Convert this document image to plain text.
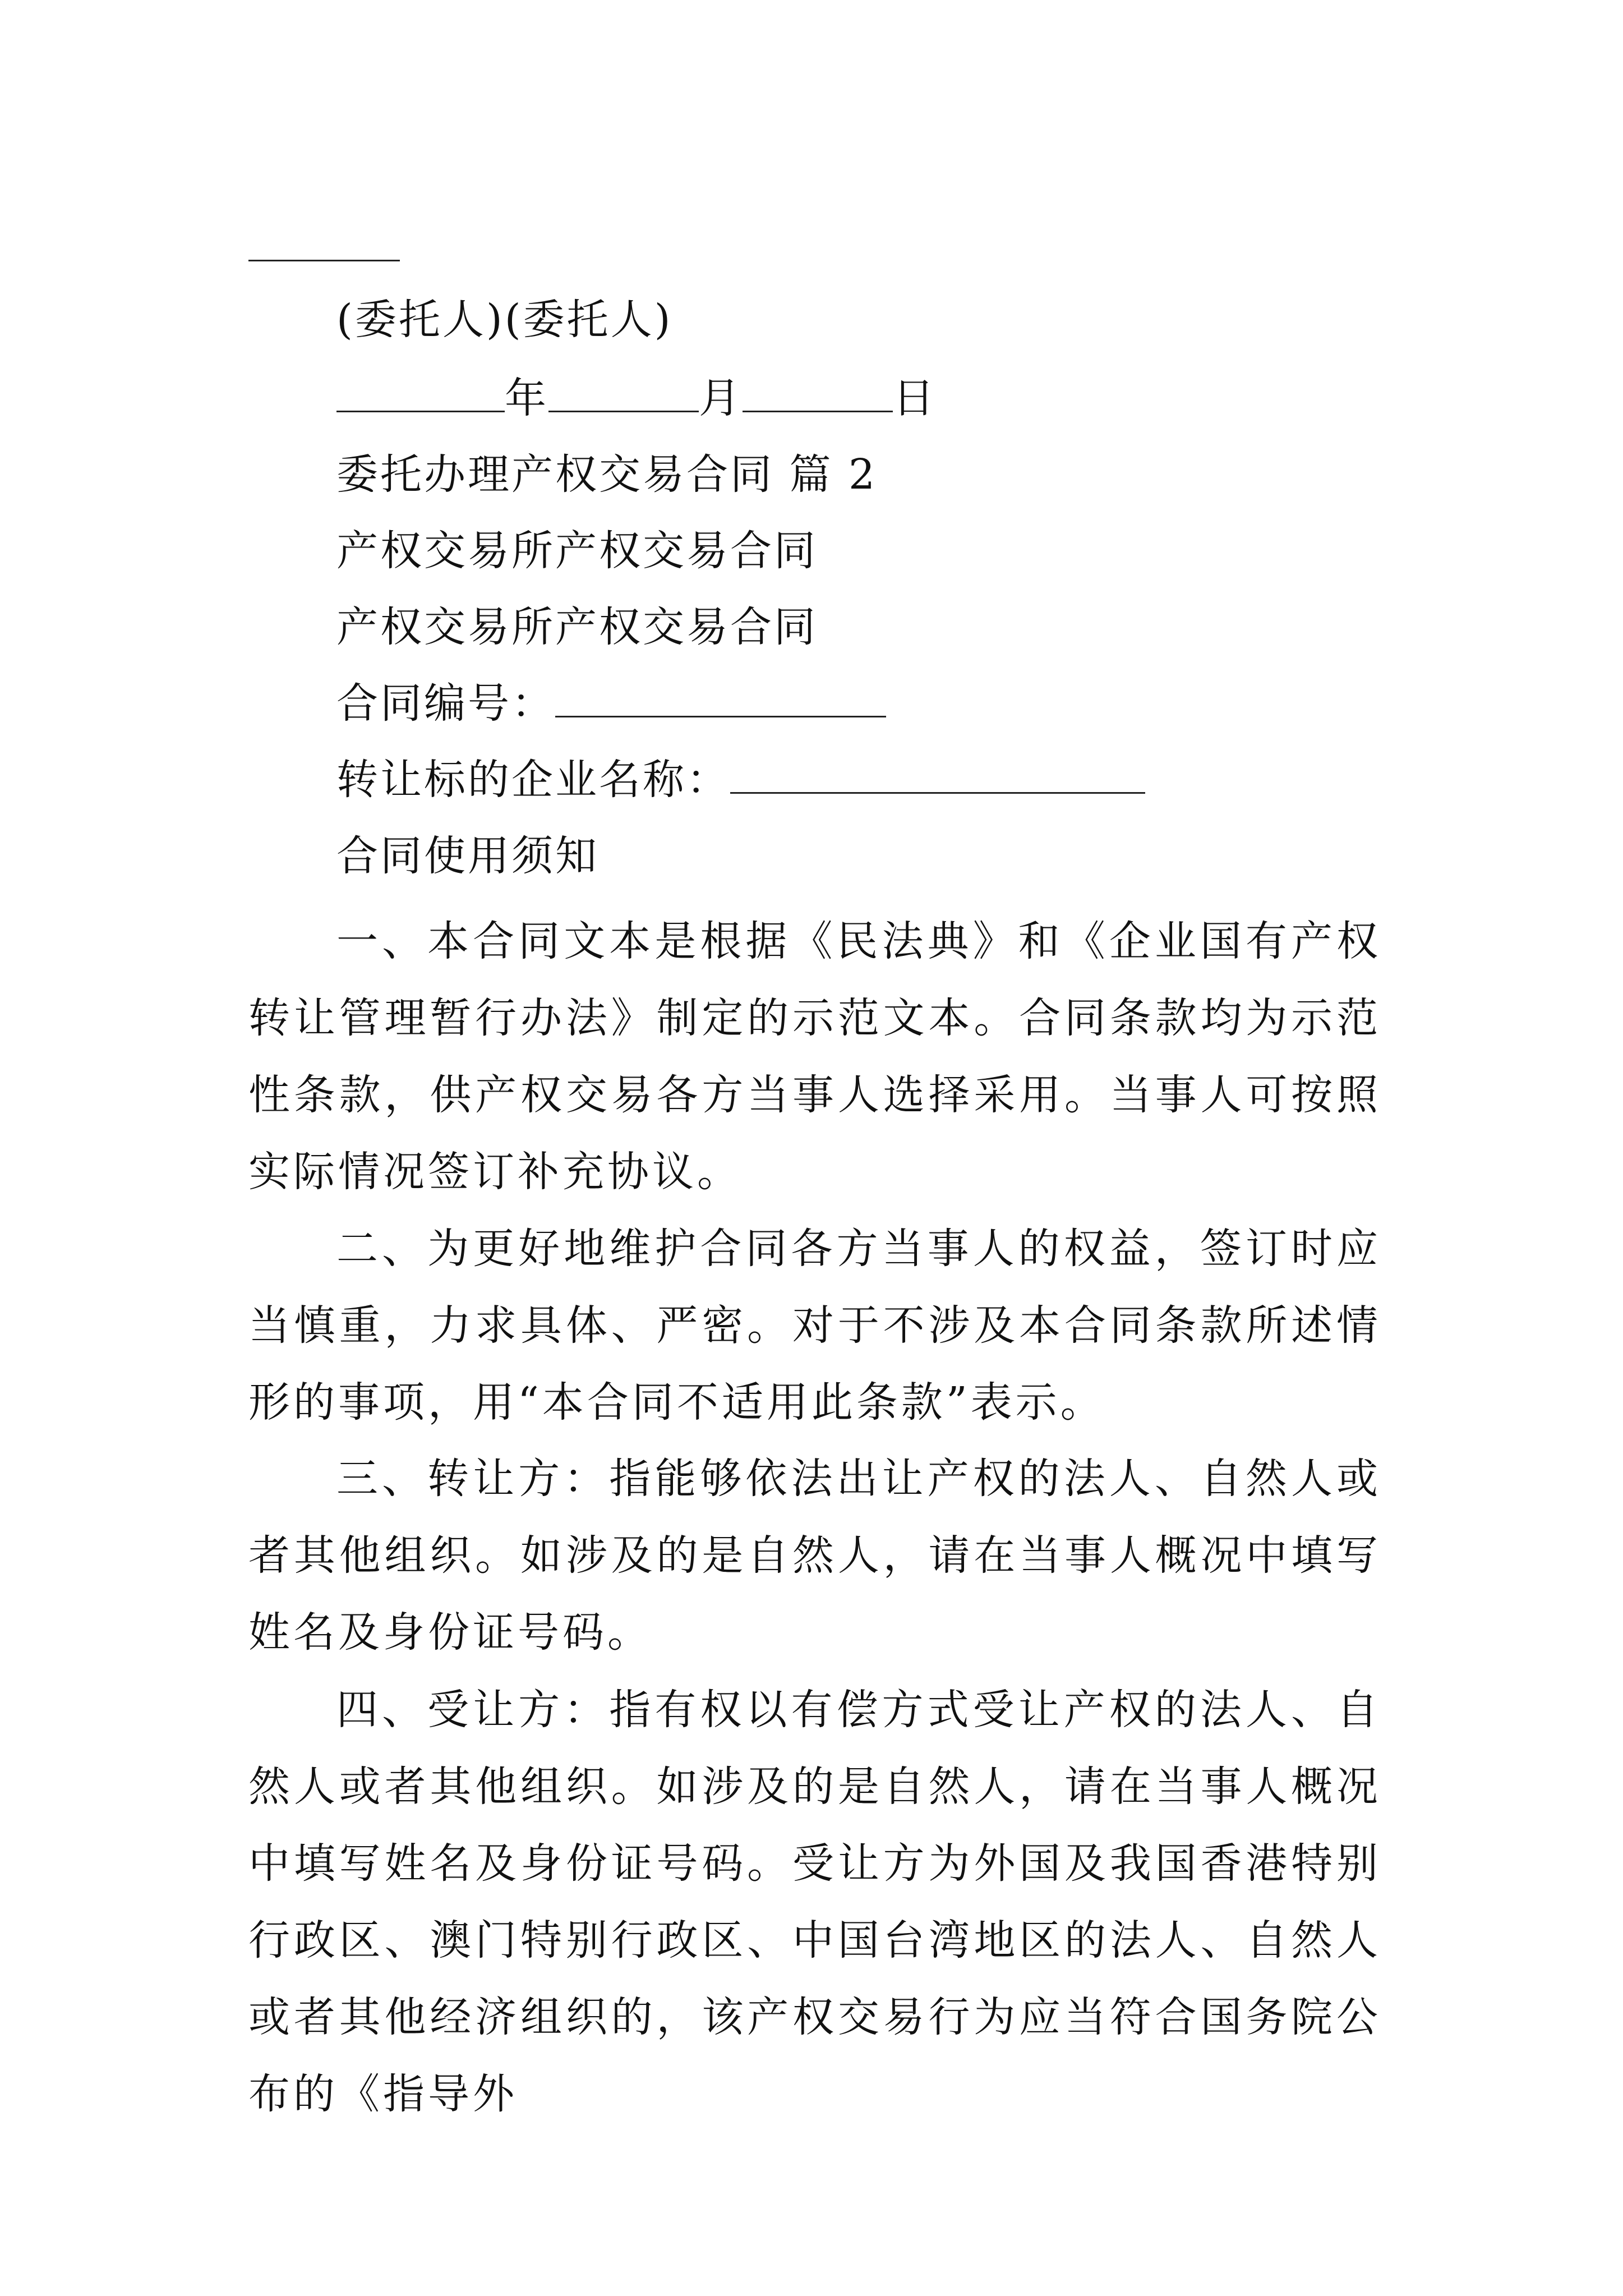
(委托人)(委托人)
年	月	日
委托办理产权交易合同 篇 2
产权交易所产权交易合同
产权交易所产权交易合同
合同编号：
转让标的企业名称：
合同使用须知

一、本合同文本是根据《民法典》和《企业国有产权转让管理暂行办法》制定的示范文本。合同条款均为示范性条款，供产权交易各方当事人选择采用。当事人可按照实际情况签订补充协议。

二、为更好地维护合同各方当事人的权益，签订时应当慎重，力求具体、严密。对于不涉及本合同条款所述情形的事项，用“本合同不适用此条款”表示。

三、转让方：指能够依法出让产权的法人、自然人或者其他组织。如涉及的是自然人，请在当事人概况中填写姓名及身份证号码。

四、受让方：指有权以有偿方式受让产权的法人、自然人或者其他组织。如涉及的是自然人，请在当事人概况中填写姓名及身份证号码。受让方为外国及我国香港特别行政区、澳门特别行政区、中国台湾地区的法人、自然人或者其他经济组织的，该产权交易行为应当符合国务院公布的《指导外
